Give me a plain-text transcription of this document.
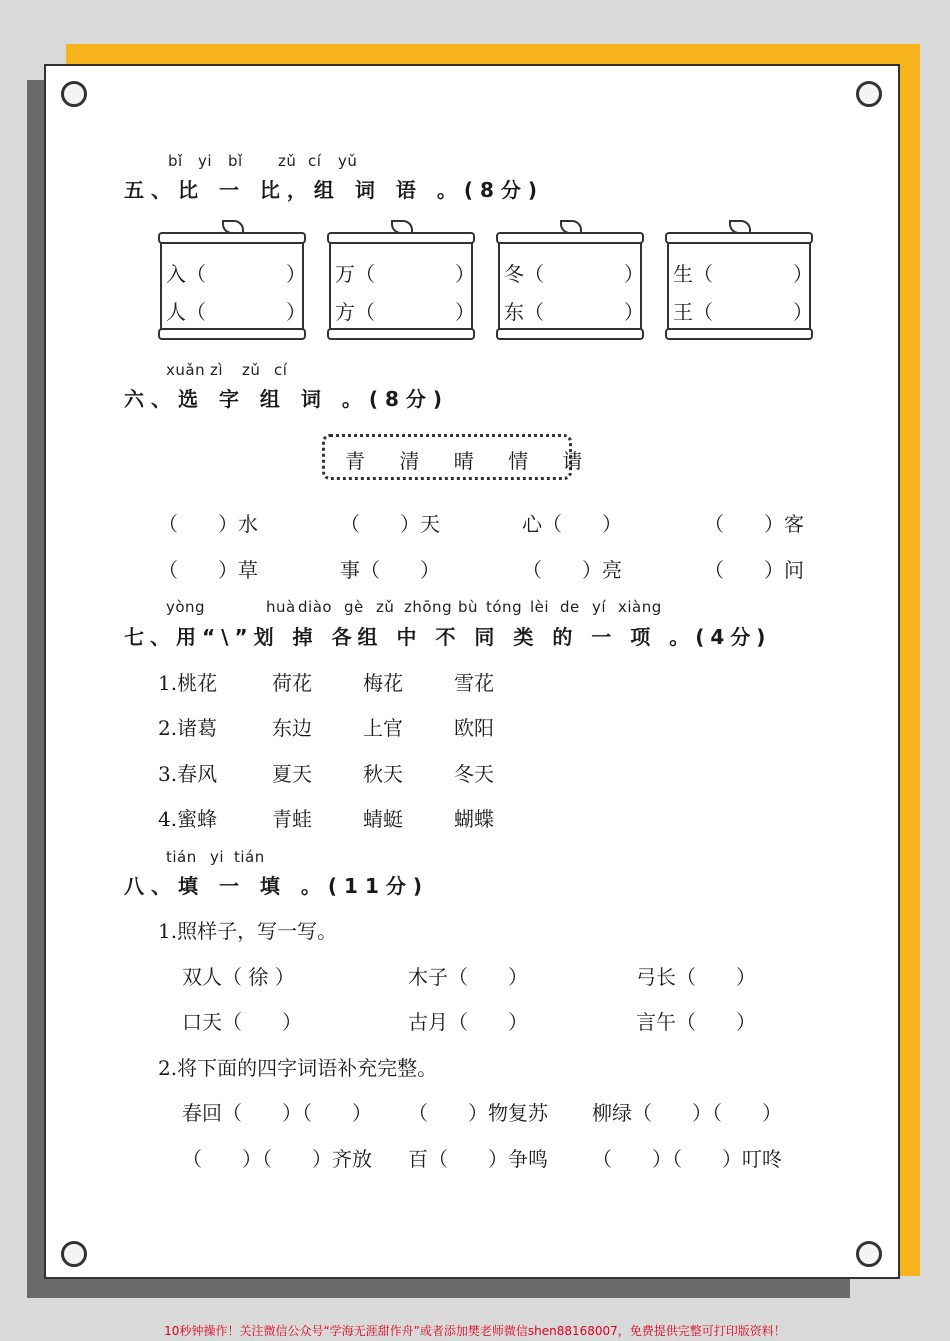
bǐ yi bǐ zǔ cí yǔ
五、比 一 比，组 词 语 。(8分)
入（　　　　）
人（　　　　）
万（　　　　）
方（　　　　）
冬（　　　　）
东（　　　　）
生（　　　　）
王（　　　　）
xuǎn zì zǔ cí
六、选 字 组 词 。(8分)
青 清 晴 情 请
（　　）水	（　　）天	心（　　）	（　　）客
（　　）草	事（　　）	（　　）亮	（　　）问
yòng	huà diào gè zǔ zhōng bù tóng lèi de yí xiàng
七、用“\”划 掉 各组 中 不 同 类 的 一 项 。(4分)
1.桃花	荷花	梅花	雪花
2.诸葛	东边	上官	欧阳
3.春风	夏天	秋天	冬天
4.蜜蜂	青蛙	蜻蜓	蝴蝶
tián yi tián
八、填 一 填 。(11分)
1.照样子，写一写。
双人（ 徐 ）	木子（　　）	弓长（　　）
口天（　　）	古月（　　）	言午（　　）
2.将下面的四字词语补充完整。
春回（　　）（　　） （　　）物复苏 柳绿（　　）（　　）
（　　）（　　）齐放 百（　　）争鸣 （　　）（　　）叮咚
10秒钟操作！关注微信公众号“学海无涯甜作舟”或者添加樊老师微信shen88168007，免费提供完整可打印版资料！
